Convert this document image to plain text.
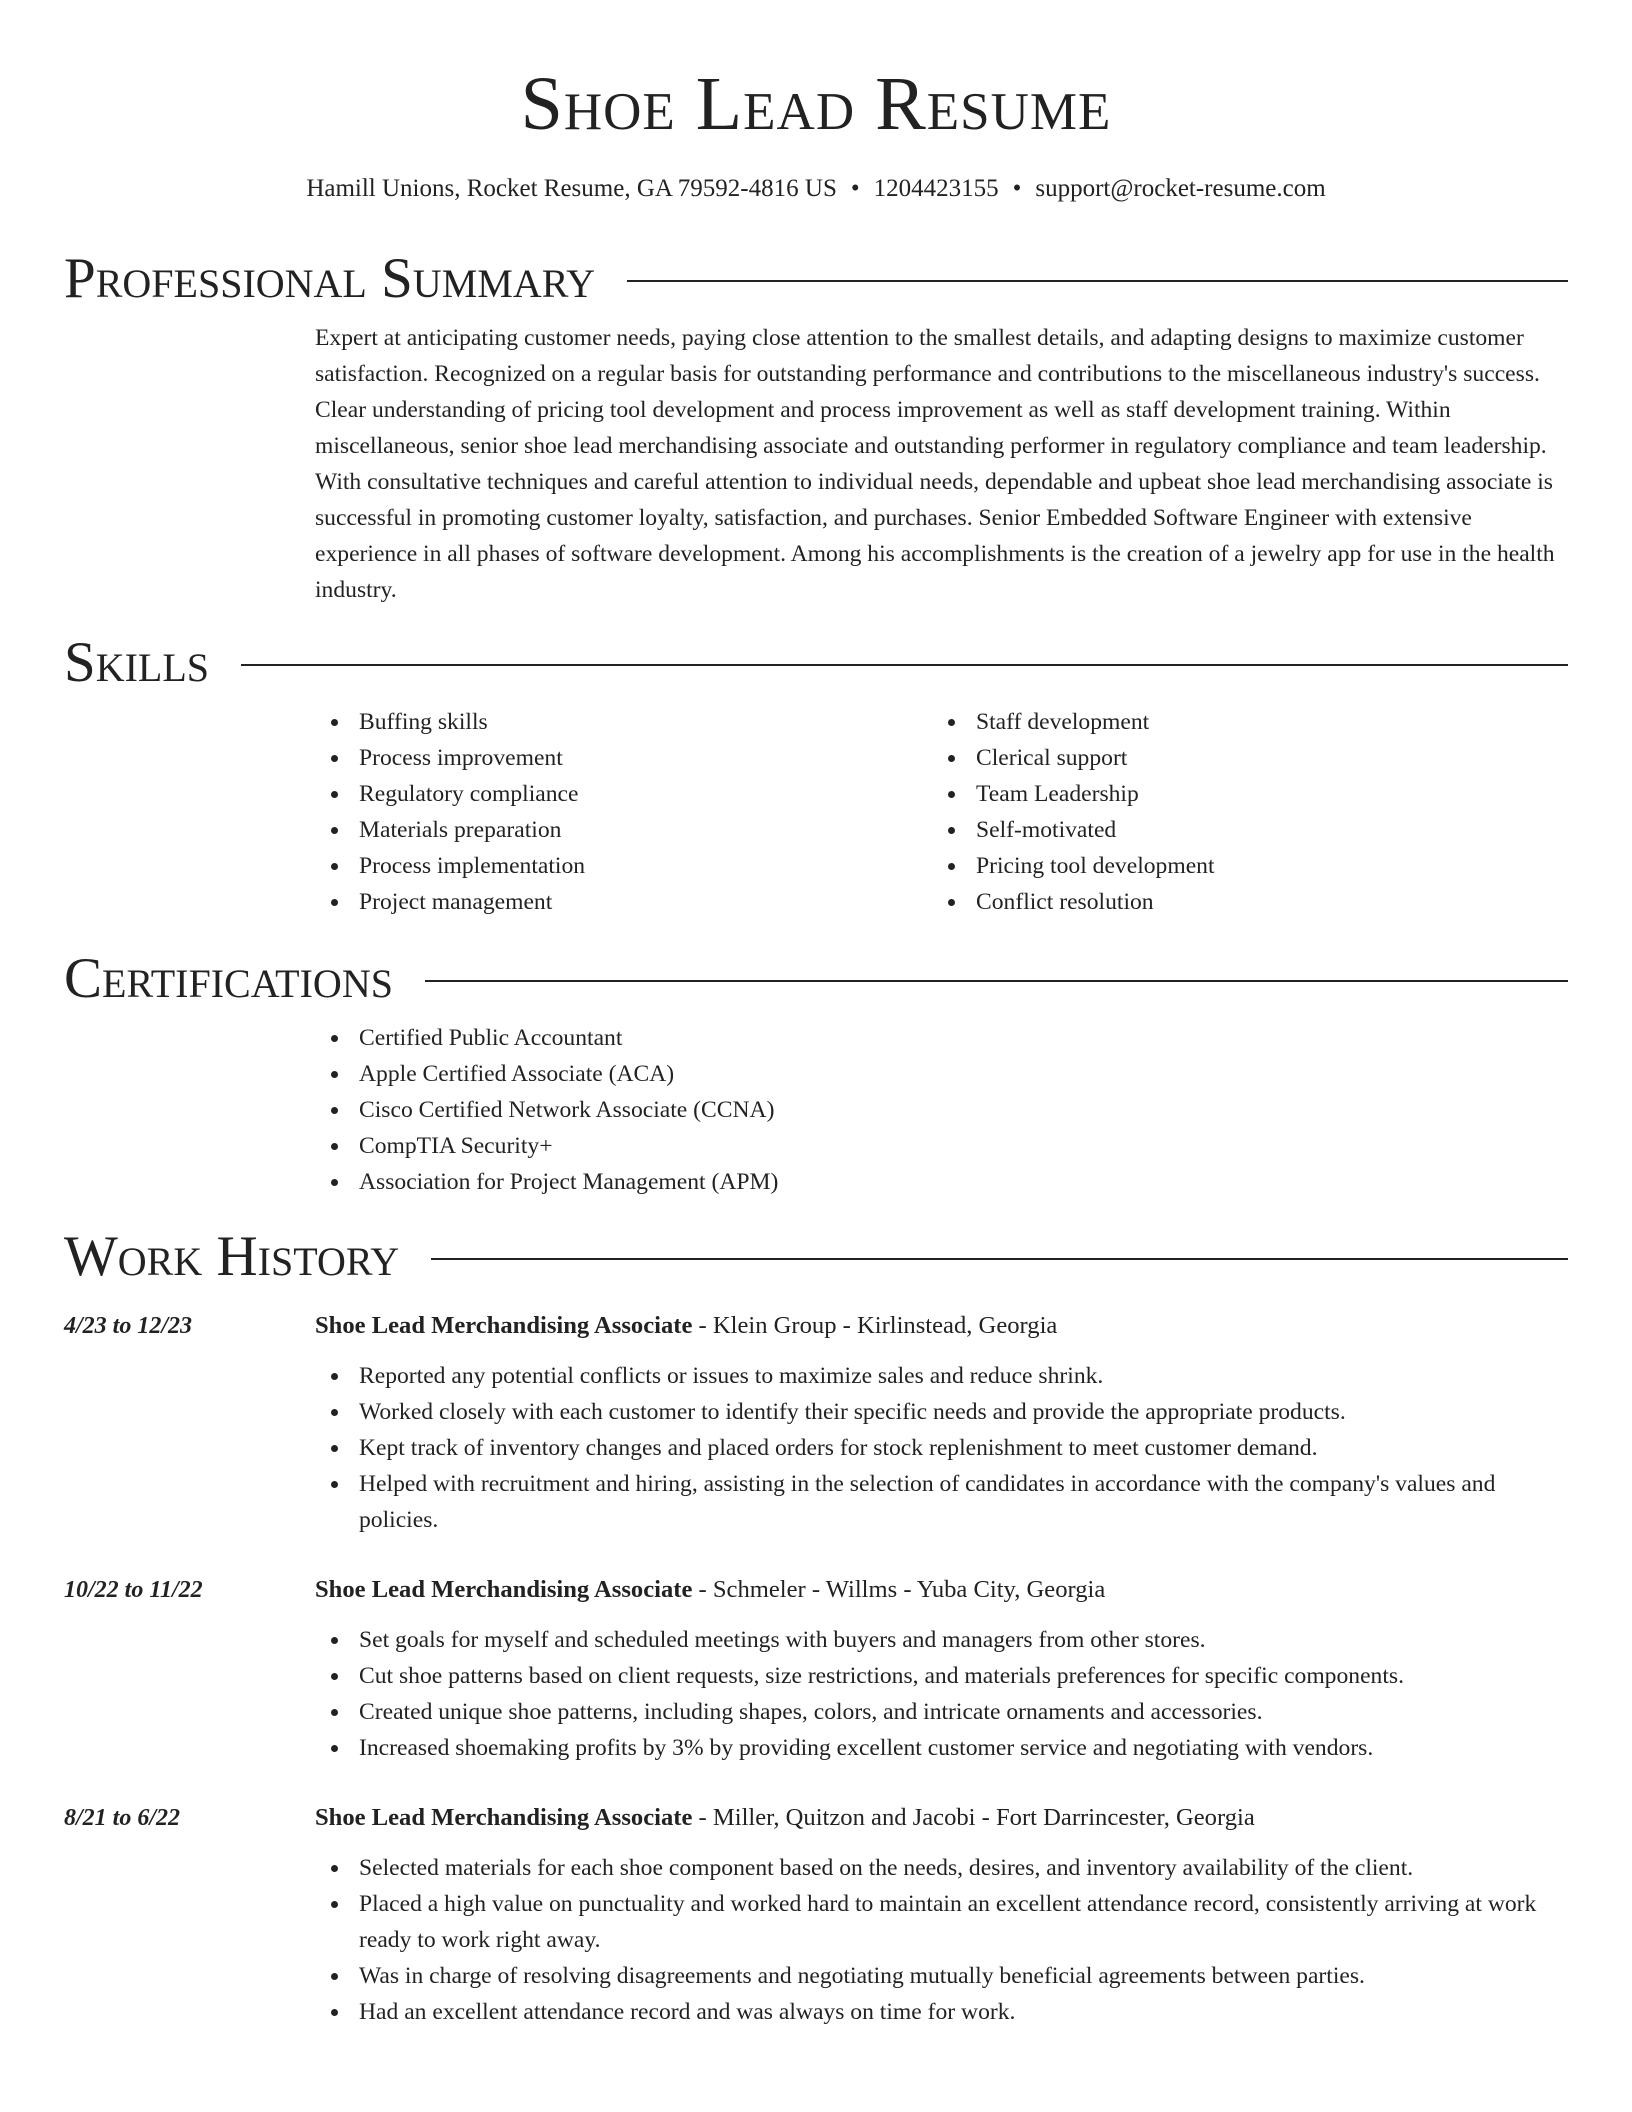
Shoe Lead Resume
Hamill Unions, Rocket Resume, GA 79592-4816 US • 1204423155 • support@rocket-resume.com
Professional Summary

Expert at anticipating customer needs, paying close attention to the smallest details, and adapting designs to maximize customer satisfaction. Recognized on a regular basis for outstanding performance and contributions to the miscellaneous industry's success. Clear understanding of pricing tool development and process improvement as well as staff development training. Within miscellaneous, senior shoe lead merchandising associate and outstanding performer in regulatory compliance and team leadership. With consultative techniques and careful attention to individual needs, dependable and upbeat shoe lead merchandising associate is successful in promoting customer loyalty, satisfaction, and purchases. Senior Embedded Software Engineer with extensive experience in all phases of software development. Among his accomplishments is the creation of a jewelry app for use in the health industry.

Skills
Buffing skills
Process improvement
Regulatory compliance
Materials preparation
Process implementation
Project management
Staff development
Clerical support
Team Leadership
Self-motivated
Pricing tool development
Conflict resolution
Certifications
Certified Public Accountant
Apple Certified Associate (ACA)
Cisco Certified Network Associate (CCNA)
CompTIA Security+
Association for Project Management (APM)
Work History
4/23 to 12/23	Shoe Lead Merchandising Associate - Klein Group - Kirlinstead, Georgia
Reported any potential conflicts or issues to maximize sales and reduce shrink.
Worked closely with each customer to identify their specific needs and provide the appropriate products.
Kept track of inventory changes and placed orders for stock replenishment to meet customer demand.
Helped with recruitment and hiring, assisting in the selection of candidates in accordance with the company's values and policies.
10/22 to 11/22	Shoe Lead Merchandising Associate - Schmeler - Willms - Yuba City, Georgia
Set goals for myself and scheduled meetings with buyers and managers from other stores.
Cut shoe patterns based on client requests, size restrictions, and materials preferences for specific components.
Created unique shoe patterns, including shapes, colors, and intricate ornaments and accessories.
Increased shoemaking profits by 3% by providing excellent customer service and negotiating with vendors.
8/21 to 6/22	Shoe Lead Merchandising Associate - Miller, Quitzon and Jacobi - Fort Darrincester, Georgia
Selected materials for each shoe component based on the needs, desires, and inventory availability of the client.
Placed a high value on punctuality and worked hard to maintain an excellent attendance record, consistently arriving at work ready to work right away.
Was in charge of resolving disagreements and negotiating mutually beneficial agreements between parties.
Had an excellent attendance record and was always on time for work.
